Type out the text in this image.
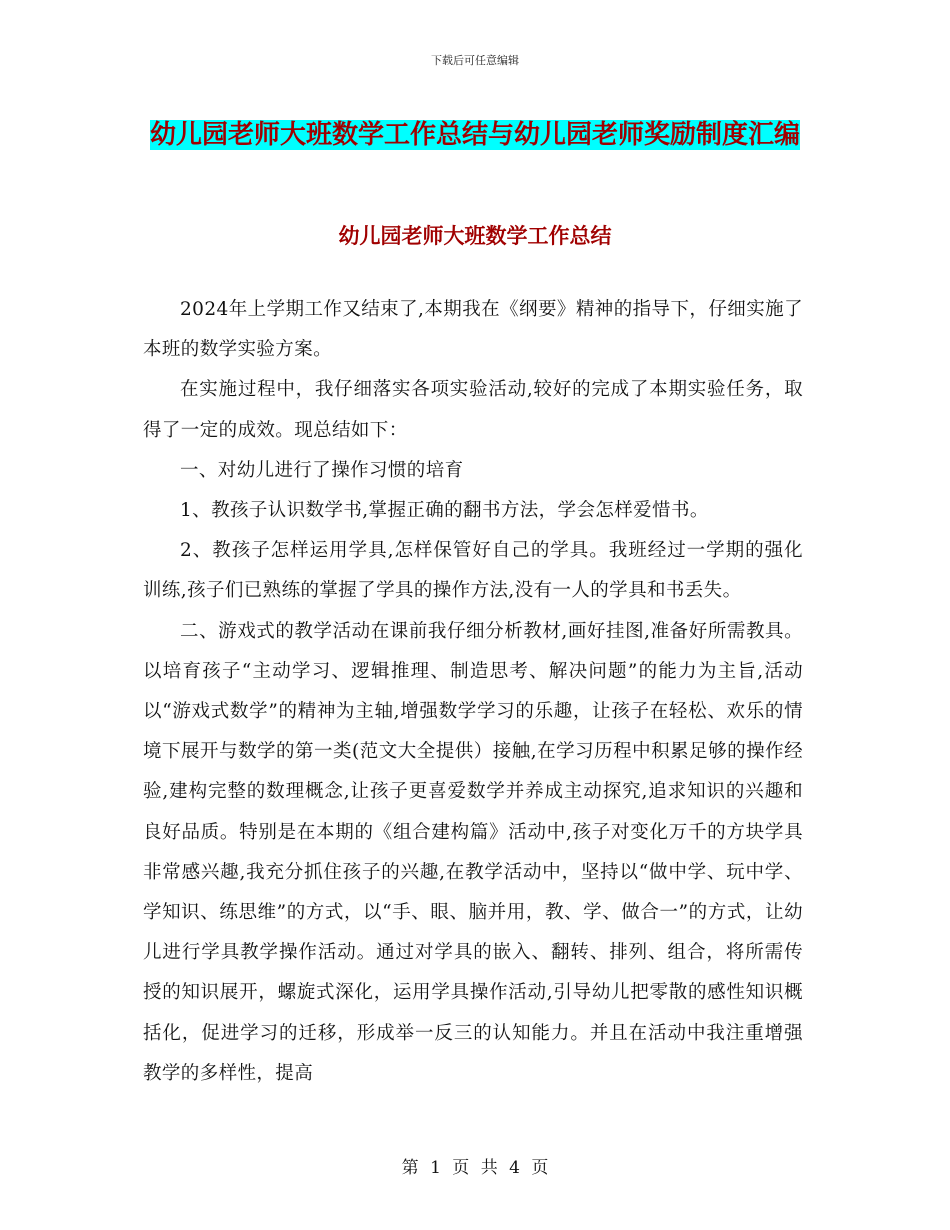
下载后可任意编辑
幼儿园老师大班数学工作总结与幼儿园老师奖励制度汇编
幼儿园老师大班数学工作总结

2024年上学期工作又结束了,本期我在《纲要》精神的指导下，仔细实施了本班的数学实验方案。

在实施过程中，我仔细落实各项实验活动,较好的完成了本期实验任务，取得了一定的成效。现总结如下：

一、对幼儿进行了操作习惯的培育

1、教孩子认识数学书,掌握正确的翻书方法，学会怎样爱惜书。

2、教孩子怎样运用学具,怎样保管好自己的学具。我班经过一学期的强化训练,孩子们已熟练的掌握了学具的操作方法,没有一人的学具和书丢失。

二、游戏式的教学活动在课前我仔细分析教材,画好挂图,准备好所需教具。以培育孩子“主动学习、逻辑推理、制造思考、解决问题”的能力为主旨,活动以“游戏式数学”的精神为主轴,增强数学学习的乐趣，让孩子在轻松、欢乐的情境下展开与数学的第一类(范文大全提供）接触,在学习历程中积累足够的操作经验,建构完整的数理概念,让孩子更喜爱数学并养成主动探究,追求知识的兴趣和良好品质。特别是在本期的《组合建构篇》活动中,孩子对变化万千的方块学具非常感兴趣,我充分抓住孩子的兴趣,在教学活动中，坚持以“做中学、玩中学、学知识、练思维”的方式，以“手、眼、脑并用，教、学、做合一”的方式，让幼儿进行学具教学操作活动。通过对学具的嵌入、翻转、排列、组合，将所需传授的知识展开，螺旋式深化，运用学具操作活动,引导幼儿把零散的感性知识概括化，促进学习的迁移，形成举一反三的认知能力。并且在活动中我注重增强教学的多样性，提高

第 1 页 共 4 页
